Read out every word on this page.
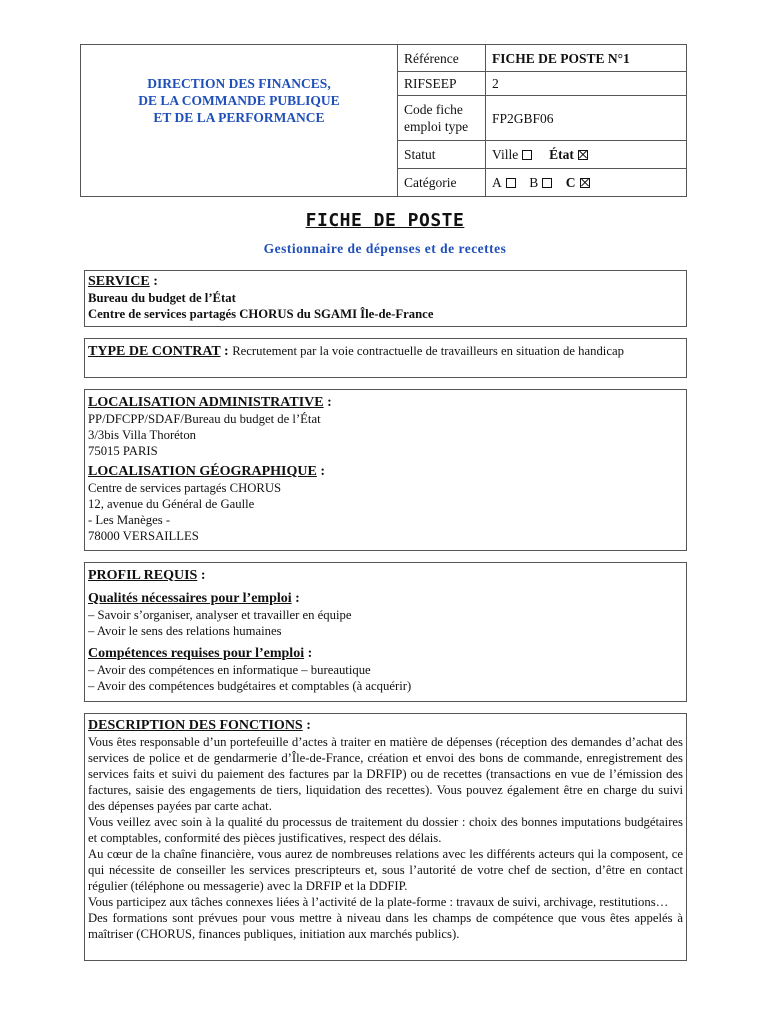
DIRECTION DES FINANCES,
DE LA COMMANDE PUBLIQUE
ET DE LA PERFORMANCE	Référence	FICHE DE POSTE N°1
	RIFSEEP	2

	Code fiche
emploi type	FP2GBF06
	Statut	Ville État
	Catégorie	A B C
FICHE DE POSTE
Gestionnaire de dépenses et de recettes
SERVICE :
Bureau du budget de l’État
Centre de services partagés CHORUS du SGAMI Île-de-France
TYPE DE CONTRAT : Recrutement par la voie contractuelle de travailleurs en situation de handicap
LOCALISATION ADMINISTRATIVE :
PP/DFCPP/SDAF/Bureau du budget de l’État
3/3bis Villa Thoréton
75015 PARIS
LOCALISATION GÉOGRAPHIQUE :
Centre de services partagés CHORUS
12, avenue du Général de Gaulle
- Les Manèges -
78000 VERSAILLES
PROFIL REQUIS :
Qualités nécessaires pour l’emploi :
– Savoir s’organiser, analyser et travailler en équipe
– Avoir le sens des relations humaines
Compétences requises pour l’emploi :
– Avoir des compétences en informatique – bureautique
– Avoir des compétences budgétaires et comptables (à acquérir)
DESCRIPTION DES FONCTIONS :
Vous êtes responsable d’un portefeuille d’actes à traiter en matière de dépenses (réception des demandes d’achat des services de police et de gendarmerie d’Île-de-France, création et envoi des bons de commande, enregistrement des services faits et suivi du paiement des factures par la DRFIP) ou de recettes (transactions en vue de l’émission des factures, saisie des engagements de tiers, liquidation des recettes). Vous pouvez également être en charge du suivi des dépenses payées par carte achat.
Vous veillez avec soin à la qualité du processus de traitement du dossier : choix des bonnes imputations budgétaires et comptables, conformité des pièces justificatives, respect des délais.
Au cœur de la chaîne financière, vous aurez de nombreuses relations avec les différents acteurs qui la composent, ce qui nécessite de conseiller les services prescripteurs et, sous l’autorité de votre chef de section, d’être en contact régulier (téléphone ou messagerie) avec la DRFIP et la DDFIP.
Vous participez aux tâches connexes liées à l’activité de la plate-forme : travaux de suivi, archivage, restitutions…
Des formations sont prévues pour vous mettre à niveau dans les champs de compétence que vous êtes appelés à maîtriser (CHORUS, finances publiques, initiation aux marchés publics).
